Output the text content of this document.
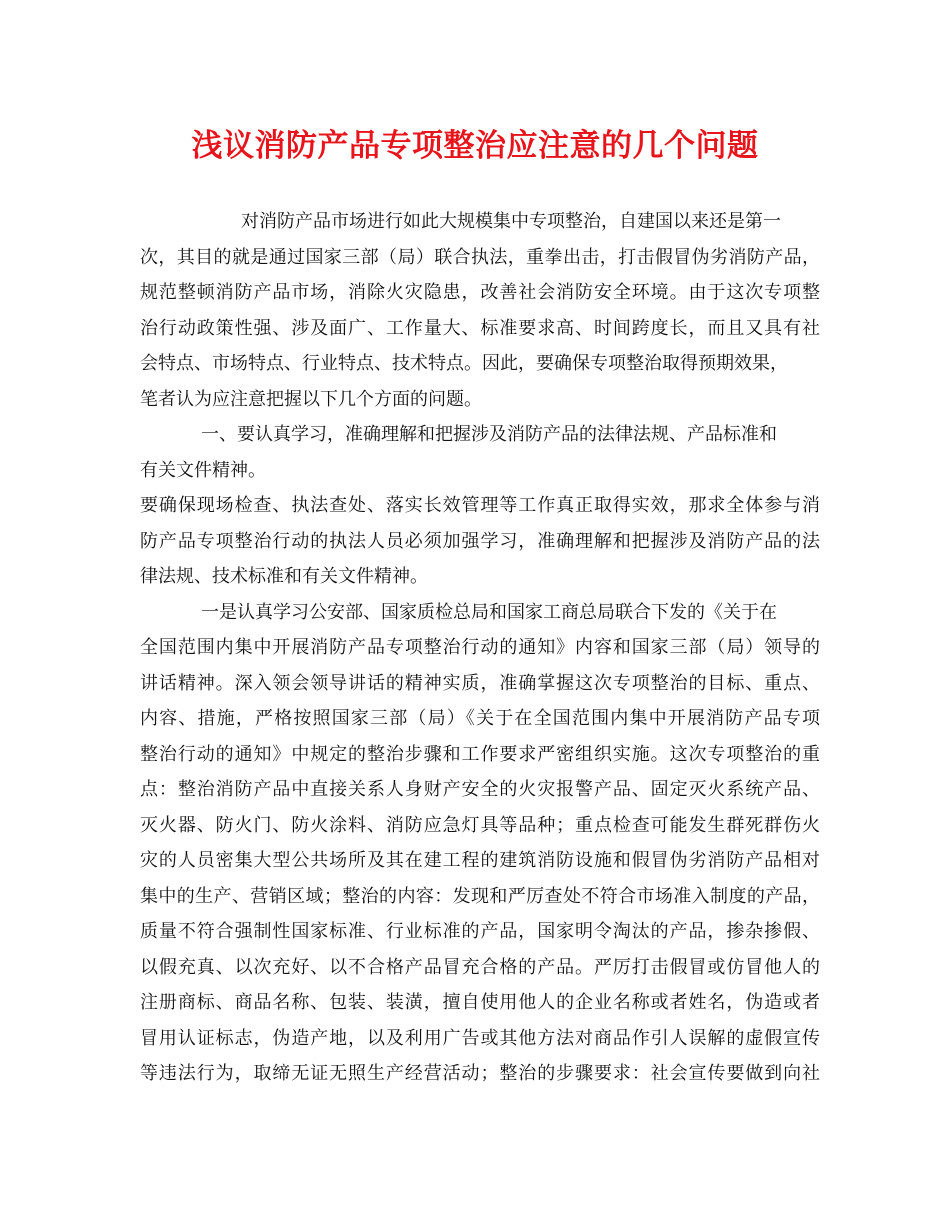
浅议消防产品专项整治应注意的几个问题
对消防产品市场进行如此大规模集中专项整治，自建国以来还是第一
次，其目的就是通过国家三部（局）联合执法，重拳出击，打击假冒伪劣消防产品，
规范整顿消防产品市场，消除火灾隐患，改善社会消防安全环境。由于这次专项整
治行动政策性强、涉及面广、工作量大、标准要求高、时间跨度长，而且又具有社
会特点、市场特点、行业特点、技术特点。因此，要确保专项整治取得预期效果，
笔者认为应注意把握以下几个方面的问题。
一、要认真学习，准确理解和把握涉及消防产品的法律法规、产品标准和
有关文件精神。
要确保现场检查、执法查处、落实长效管理等工作真正取得实效，那求全体参与消
防产品专项整治行动的执法人员必须加强学习，准确理解和把握涉及消防产品的法
律法规、技术标准和有关文件精神。
一是认真学习公安部、国家质检总局和国家工商总局联合下发的《关于在
全国范围内集中开展消防产品专项整治行动的通知》内容和国家三部（局）领导的
讲话精神。深入领会领导讲话的精神实质，准确掌握这次专项整治的目标、重点、
内容、措施，严格按照国家三部（局）《关于在全国范围内集中开展消防产品专项
整治行动的通知》中规定的整治步骤和工作要求严密组织实施。这次专项整治的重
点：整治消防产品中直接关系人身财产安全的火灾报警产品、固定灭火系统产品、
灭火器、防火门、防火涂料、消防应急灯具等品种；重点检查可能发生群死群伤火
灾的人员密集大型公共场所及其在建工程的建筑消防设施和假冒伪劣消防产品相对
集中的生产、营销区域；整治的内容：发现和严厉查处不符合市场准入制度的产品，
质量不符合强制性国家标准、行业标准的产品，国家明令淘汰的产品，掺杂掺假、
以假充真、以次充好、以不合格产品冒充合格的产品。严厉打击假冒或仿冒他人的
注册商标、商品名称、包装、装潢，擅自使用他人的企业名称或者姓名，伪造或者
冒用认证标志，伪造产地，以及利用广告或其他方法对商品作引人误解的虚假宣传
等违法行为，取缔无证无照生产经营活动；整治的步骤要求：社会宣传要做到向社
